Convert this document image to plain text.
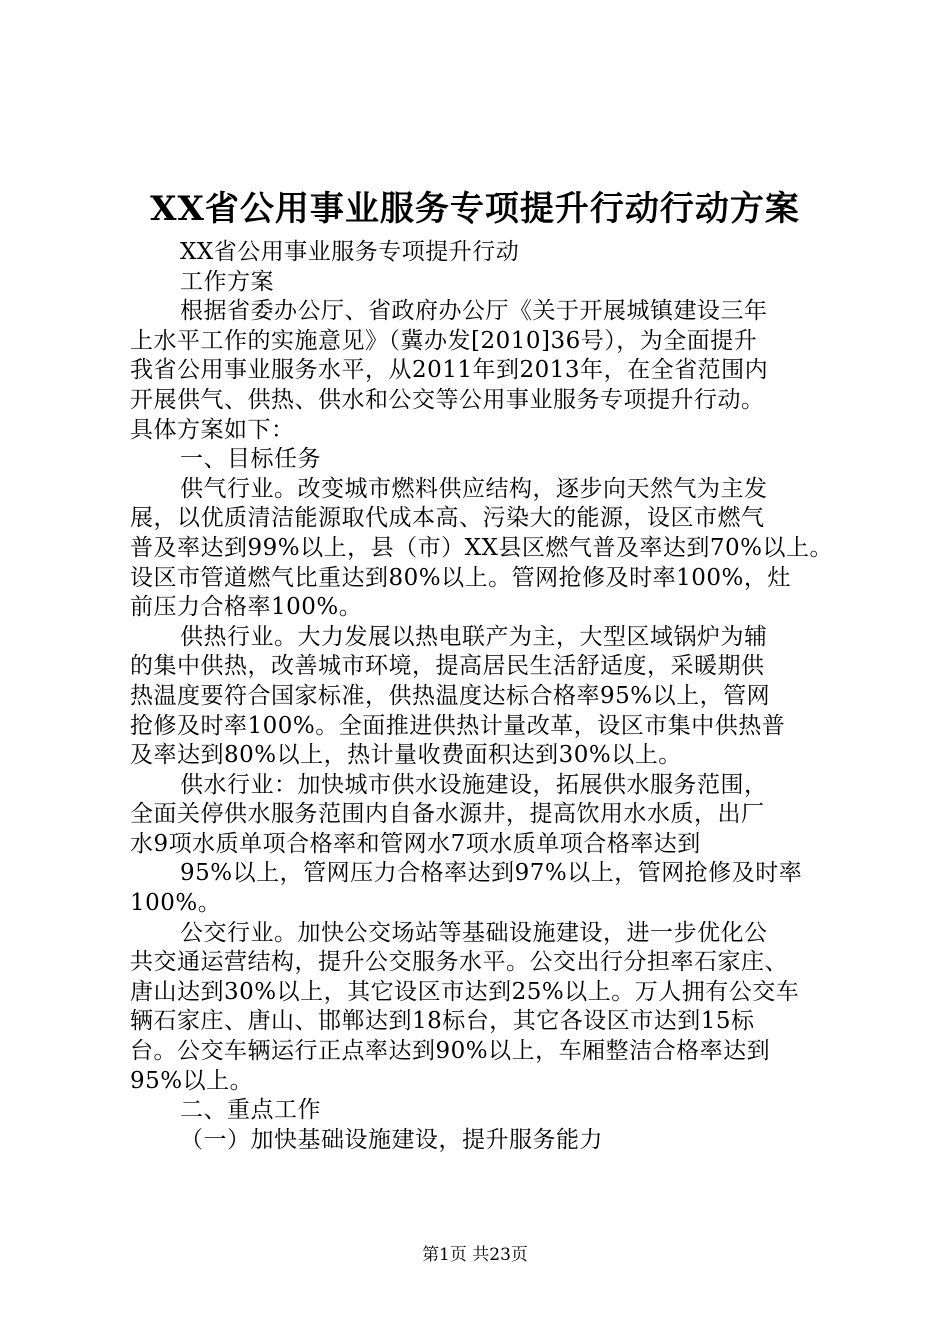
XX省公用事业服务专项提升行动行动方案
XX省公用事业服务专项提升行动
工作方案
根据省委办公厅、省政府办公厅《关于开展城镇建设三年
上水平工作的实施意见》（冀办发[2010]36号），为全面提升
我省公用事业服务水平，从2011年到2013年，在全省范围内
开展供气、供热、供水和公交等公用事业服务专项提升行动。
具体方案如下：
一、目标任务
供气行业。改变城市燃料供应结构，逐步向天然气为主发
展，以优质清洁能源取代成本高、污染大的能源，设区市燃气
普及率达到99%以上，县（市）XX县区燃气普及率达到70%以上。
设区市管道燃气比重达到80%以上。管网抢修及时率100%，灶
前压力合格率100%。
供热行业。大力发展以热电联产为主，大型区域锅炉为辅
的集中供热，改善城市环境，提高居民生活舒适度，采暖期供
热温度要符合国家标准，供热温度达标合格率95%以上，管网
抢修及时率100%。全面推进供热计量改革，设区市集中供热普
及率达到80%以上，热计量收费面积达到30%以上。
供水行业：加快城市供水设施建设，拓展供水服务范围，
全面关停供水服务范围内自备水源井，提高饮用水水质，出厂
水9项水质单项合格率和管网水7项水质单项合格率达到
95%以上，管网压力合格率达到97%以上，管网抢修及时率
100%。
公交行业。加快公交场站等基础设施建设，进一步优化公
共交通运营结构，提升公交服务水平。公交出行分担率石家庄、
唐山达到30%以上，其它设区市达到25%以上。万人拥有公交车
辆石家庄、唐山、邯郸达到18标台，其它各设区市达到15标
台。公交车辆运行正点率达到90%以上，车厢整洁合格率达到
95%以上。
二、重点工作
（一）加快基础设施建设，提升服务能力
第1页 共23页
